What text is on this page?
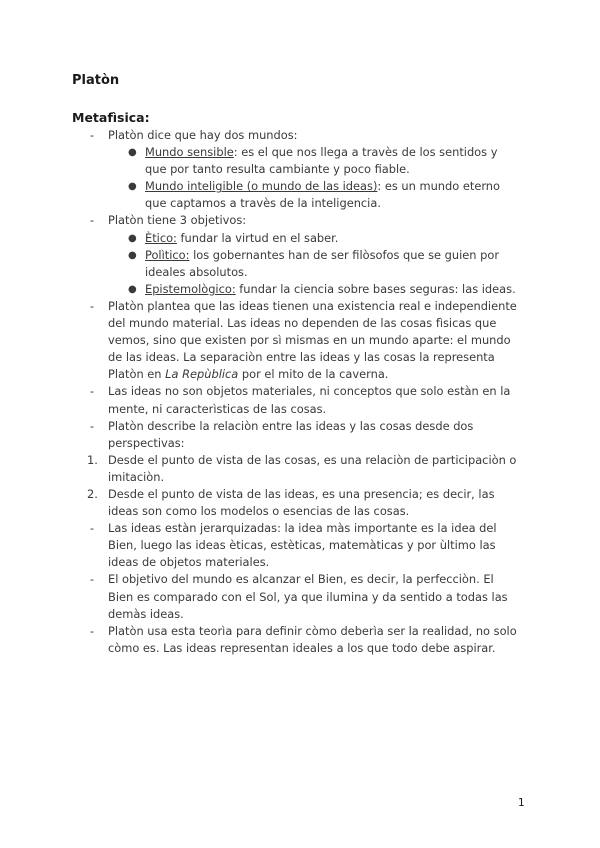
Platòn
Metafìsica:
- Platòn dice que hay dos mundos:
● Mundo sensible: es el que nos llega a travès de los sentidos y que por tanto resulta cambiante y poco fiable.
● Mundo inteligible (o mundo de las ideas): es un mundo eterno que captamos a travès de la inteligencia.
- Platòn tiene 3 objetivos:
● Ètico: fundar la virtud en el saber.
● Polìtico: los gobernantes han de ser filòsofos que se guien por ideales absolutos.
● Epistemològico: fundar la ciencia sobre bases seguras: las ideas.
- Platòn plantea que las ideas tienen una existencia real e independiente del mundo material. Las ideas no dependen de las cosas fìsicas que vemos, sino que existen por sì mismas en un mundo aparte: el mundo de las ideas. La separaciòn entre las ideas y las cosas la representa Platòn en La Repùblica por el mito de la caverna.
- Las ideas no son objetos materiales, ni conceptos que solo estàn en la mente, ni caracterìsticas de las cosas.
- Platòn describe la relaciòn entre las ideas y las cosas desde dos perspectivas:
1. Desde el punto de vista de las cosas, es una relaciòn de participaciòn o imitaciòn.
2. Desde el punto de vista de las ideas, es una presencia; es decir, las ideas son como los modelos o esencias de las cosas.
- Las ideas estàn jerarquizadas: la idea màs importante es la idea del Bien, luego las ideas èticas, estèticas, matemàticas y por ùltimo las ideas de objetos materiales.
- El objetivo del mundo es alcanzar el Bien, es decir, la perfecciòn. El Bien es comparado con el Sol, ya que ilumina y da sentido a todas las demàs ideas.
- Platòn usa esta teorìa para definir còmo deberìa ser la realidad, no solo còmo es. Las ideas representan ideales a los que todo debe aspirar.
1
